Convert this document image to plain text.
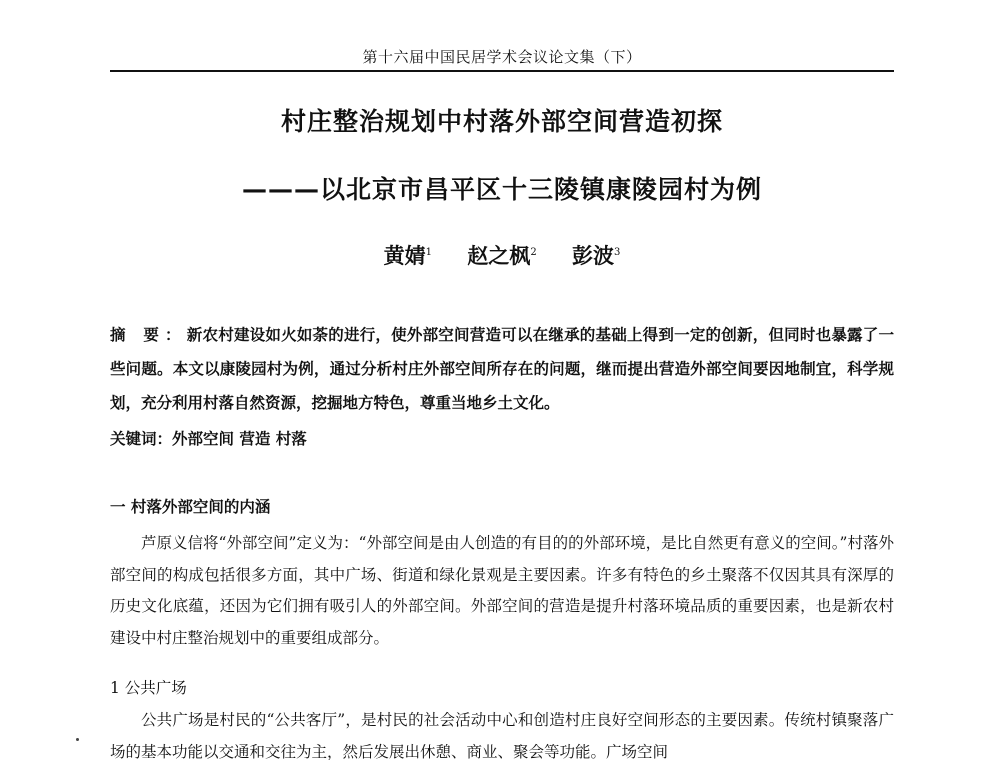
第十六届中国民居学术会议论文集（下）
村庄整治规划中村落外部空间营造初探
———以北京市昌平区十三陵镇康陵园村为例
黄婧$^1$ 赵之枫$^2$ 彭波$^3$
摘 要：新农村建设如火如荼的进行，使外部空间营造可以在继承的基础上得到一定的创新，但同时也暴露了一些问题。本文以康陵园村为例，通过分析村庄外部空间所存在的问题，继而提出营造外部空间要因地制宜，科学规划，充分利用村落自然资源，挖掘地方特色，尊重当地乡土文化。
关键词：外部空间 营造 村落
一 村落外部空间的内涵

芦原义信将“外部空间”定义为：“外部空间是由人创造的有目的的外部环境，是比自然更有意义的空间。”村落外部空间的构成包括很多方面，其中广场、街道和绿化景观是主要因素。许多有特色的乡土聚落不仅因其具有深厚的历史文化底蕴，还因为它们拥有吸引人的外部空间。外部空间的营造是提升村落环境品质的重要因素，也是新农村建设中村庄整治规划中的重要组成部分。

1 公共广场

公共广场是村民的“公共客厅”，是村民的社会活动中心和创造村庄良好空间形态的主要因素。传统村镇聚落广场的基本功能以交通和交往为主，然后发展出休憩、商业、聚会等功能。广场空间
